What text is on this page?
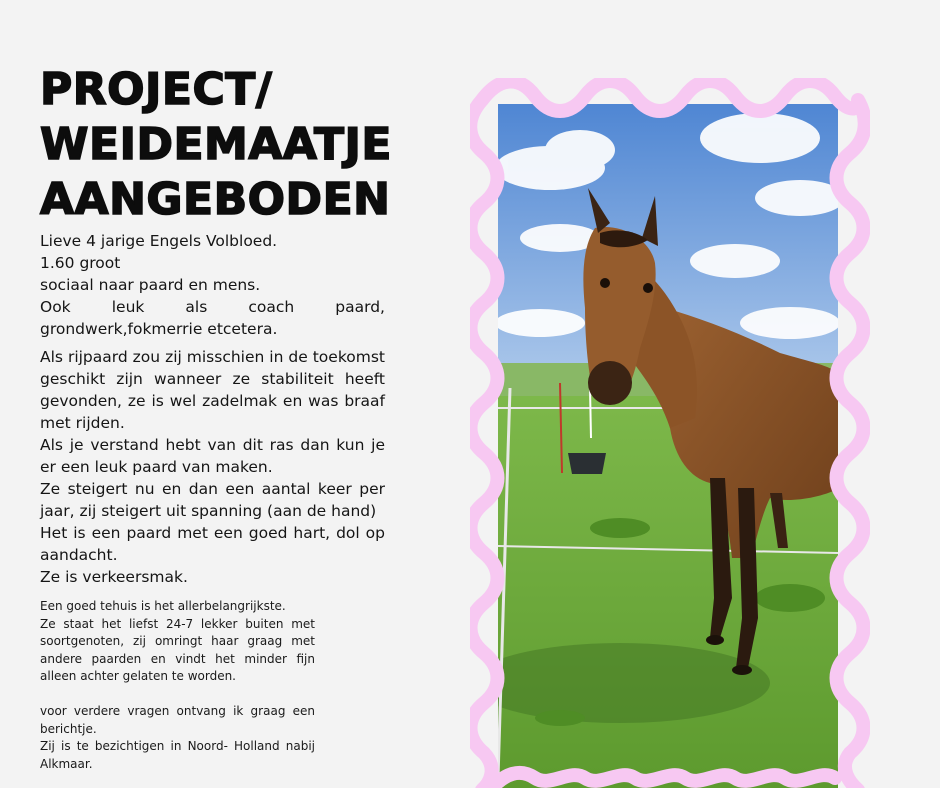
PROJECT/
WEIDEMAATJE
AANGEBODEN

Lieve 4 jarige Engels Volbloed.

1.60 groot

sociaal naar paard en mens.

Ook leuk als coach paard, grondwerk,fokmerrie etcetera.

Als rijpaard zou zij misschien in de toekomst geschikt zijn wanneer ze stabiliteit heeft gevonden, ze is wel zadelmak en was braaf met rijden.

Als je verstand hebt van dit ras dan kun je er een leuk paard van maken.

Ze steigert nu en dan een aantal keer per jaar, zij steigert uit spanning (aan de hand)

Het is een paard met een goed hart, dol op aandacht.

Ze is verkeersmak.

Een goed tehuis is het allerbelangrijkste.

Ze staat het liefst 24-7 lekker buiten met soortgenoten, zij omringt haar graag met andere paarden en vindt het minder fijn alleen achter gelaten te worden.

voor verdere vragen ontvang ik graag een berichtje.

Zij is te bezichtigen in Noord- Holland nabij Alkmaar.
